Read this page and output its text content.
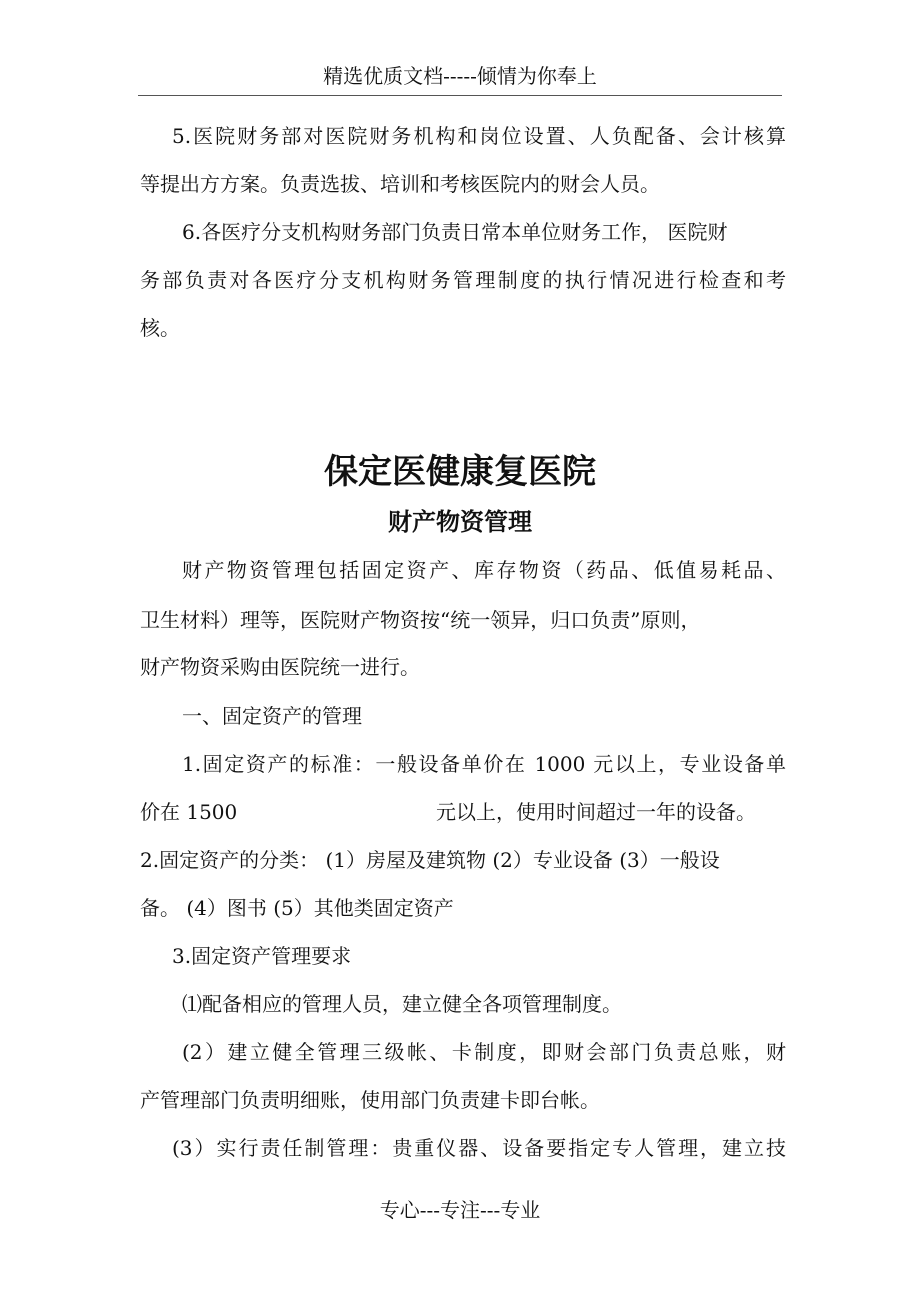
精选优质文档-----倾情为你奉上
5.医院财务部对医院财务机构和岗位设置、人负配备、会计核算
等提出方方案。负责选拔、培训和考核医院内的财会人员。
6.各医疗分支机构财务部门负责日常本单位财务工作， 医院财
务部负责对各医疗分支机构财务管理制度的执行情况进行检查和考
核。
保定医健康复医院
财产物资管理
财产物资管理包括固定资产、库存物资（药品、低值易耗品、
卫生材料）理等，医院财产物资按“统一领异，归口负责”原则，
财产物资采购由医院统一进行。
一、固定资产的管理
1.固定资产的标准：一般设备单价在 1000 元以上，专业设备单
价在 1500	元以上，使用时间超过一年的设备。
2.固定资产的分类： (1）房屋及建筑物 (2）专业设备 (3）一般设
备。 (4）图书 (5）其他类固定资产
3.固定资产管理要求
⑴配备相应的管理人员，建立健全各项管理制度。
(2）建立健全管理三级帐、卡制度，即财会部门负责总账，财
产管理部门负责明细账，使用部门负责建卡即台帐。
(3）实行责任制管理：贵重仪器、设备要指定专人管理，建立技
专心---专注---专业
